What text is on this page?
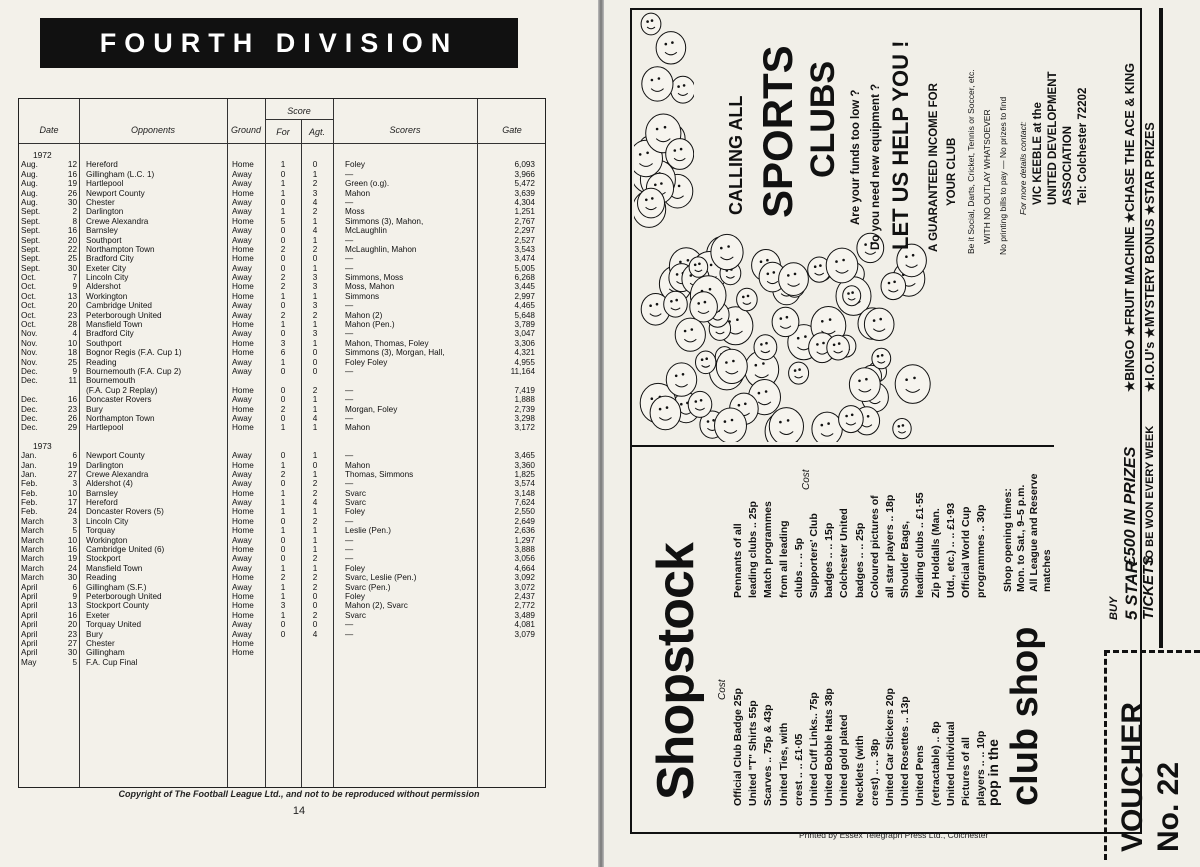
FOURTH DIVISION
Date	Opponents	Ground
Score
For	Agt.	Scorers	Gate
1972
Aug.	12 Hereford	Home	1	0	Foley	6,093
Aug.	16 Gillingham (L.C. 1)	Away	0	1	—	3,966
Aug.	19 Hartlepool	Away	1	2	Green (o.g).	5,472
Aug.	26 Newport County	Home	1	3	Mahon	3,639
Aug.	30 Chester	Away	0	4	—	4,304
Sept.	2 Darlington	Away	1	2	Moss	1,251
Sept.	8 Crewe Alexandra	Home	5	1	Simmons (3), Mahon,	2,767
Sept.	16 Barnsley	Away	0	4	McLaughlin	2,297
Sept.	20 Southport	Away	0	1	—	2,527
Sept.	22 Northampton Town	Home	2	2	McLaughlin, Mahon	3,543
Sept.	25 Bradford City	Home	0	0	—	3,474
Sept.	30 Exeter City	Away	0	1	—	5,005
Oct.	7 Lincoln City	Away	2	3	Simmons, Moss	6,268
Oct.	9 Aldershot	Home	2	3	Moss, Mahon	3,445
Oct.	13 Workington	Home	1	1	Simmons	2,997
Oct.	20 Cambridge United	Away	0	3	—	4,465
Oct.	23 Peterborough United	Away	2	2	Mahon (2)	5,648
Oct.	28 Mansfield Town	Home	1	1	Mahon (Pen.)	3,789
Nov.	4 Bradford City	Away	0	3	—	3,047
Nov.	10 Southport	Home	3	1	Mahon, Thomas, Foley	3,306
Nov.	18 Bognor Regis (F.A. Cup 1)	Home	6	0	Simmons (3), Morgan, Hall,	4,321
Nov.	25 Reading	Away	1	0	Foley Foley	4,955
Dec.	9 Bournemouth (F.A. Cup 2)	Away	0	0	—	11,164
Dec.	11 Bournemouth
(F.A. Cup 2 Replay)	Home	0	2	—	7,419
Dec.	16 Doncaster Rovers	Away	0	1	—	1,888
Dec.	23 Bury	Home	2	1	Morgan, Foley	2,739
Dec.	26 Northampton Town	Away	0	4	—	3,298
Dec.	29 Hartlepool	Home	1	1	Mahon	3,172
1973
Jan.	6 Newport County	Away	0	1	—	3,465
Jan.	19 Darlington	Home	1	0	Mahon	3,360
Jan.	27 Crewe Alexandra	Away	2	1	Thomas, Simmons	1,825
Feb.	3 Aldershot (4)	Away	0	2	—	3,574
Feb.	10 Barnsley	Home	1	2	Svarc	3,148
Feb.	17 Hereford	Away	1	4	Svarc	7,624
Feb.	24 Doncaster Rovers (5)	Home	1	1	Foley	2,550
March	3 Lincoln City	Home	0	2	—	2,649
March	5 Torquay	Home	1	1	Leslie (Pen.)	2,636
March	10 Workington	Away	0	1	—	1,297
March	16 Cambridge United (6)	Home	0	1	—	3,888
March	19 Stockport	Away	0	2	—	3,056
March	24 Mansfield Town	Away	1	1	Foley	4,664
March	30 Reading	Home	2	2	Svarc, Leslie (Pen.)	3,092
April	6 Gillingham (S.F.)	Away	1	2	Svarc (Pen.)	3,072
April	9 Peterborough United	Home	1	0	Foley	2,437
April	13 Stockport County	Home	3	0	Mahon (2), Svarc	2,772
April	16 Exeter	Home	1	2	Svarc	3,489
April	20 Torquay United	Away	0	0	—	4,081
April	23 Bury	Away	0	4	—	3,079
April	27 Chester	Home
April	30 Gillingham	Home
May	5 F.A. Cup Final
Copyright of The Football League Ltd., and not to be reproduced without permission
14
Shopstock Cost
Cost
Official Club Badge 25p United "T" Shirts 55p Scarves .. 75p & 43p United Ties, with crest .. .. £1·05 United Cuff Links.. 75p United Bobble Hats 38p United gold plated Necklets (with crest) .. .. 38p United Car Stickers 20p United Rosettes .. 13p United Pens (retractable) .. 8p United Individual Pictures of all players .. .. 10p
Pennants of all leading clubs .. 25p Match programmes from all leading clubs .. .. 5p Supporters' Club badges .. .. 15p Colchester United badges .. .. 25p Coloured pictures of all star players .. 18p Shoulder Bags, leading clubs .. £1·55 Zip Holdalls (Man. Utd., etc.) .. .. £1·93 Official World Cup programmes .. 30p
pop in the club shop
Shop opening times: Mon. to Sat., 9–5 p.m. All League and Reserve matches
CALLING ALL SPORTS CLUBS Are your funds too low ? Do you need new equipment ? LET US HELP YOU ! A GUARANTEED INCOME FOR YOUR CLUB Be it Social, Darts, Cricket, Tennis or Soccer, etc. WITH NO OUTLAY WHATSOEVER No printing bills to pay — No prizes to find For more details contact: VIC KEEBLE at the UNITED DEVELOPMENT ASSOCIATION Tel: Colchester 72202
BUY 5 STAR TICKETS
£500 IN PRIZES TO BE WON EVERY WEEK
★BINGO ★FRUIT MACHINE ★CHASE THE ACE & KING ★I.O.U's ★MYSTERY BONUS ★STAR PRIZES
VOUCHER No. 22
Printed by Essex Telegraph Press Ltd., Colchester
